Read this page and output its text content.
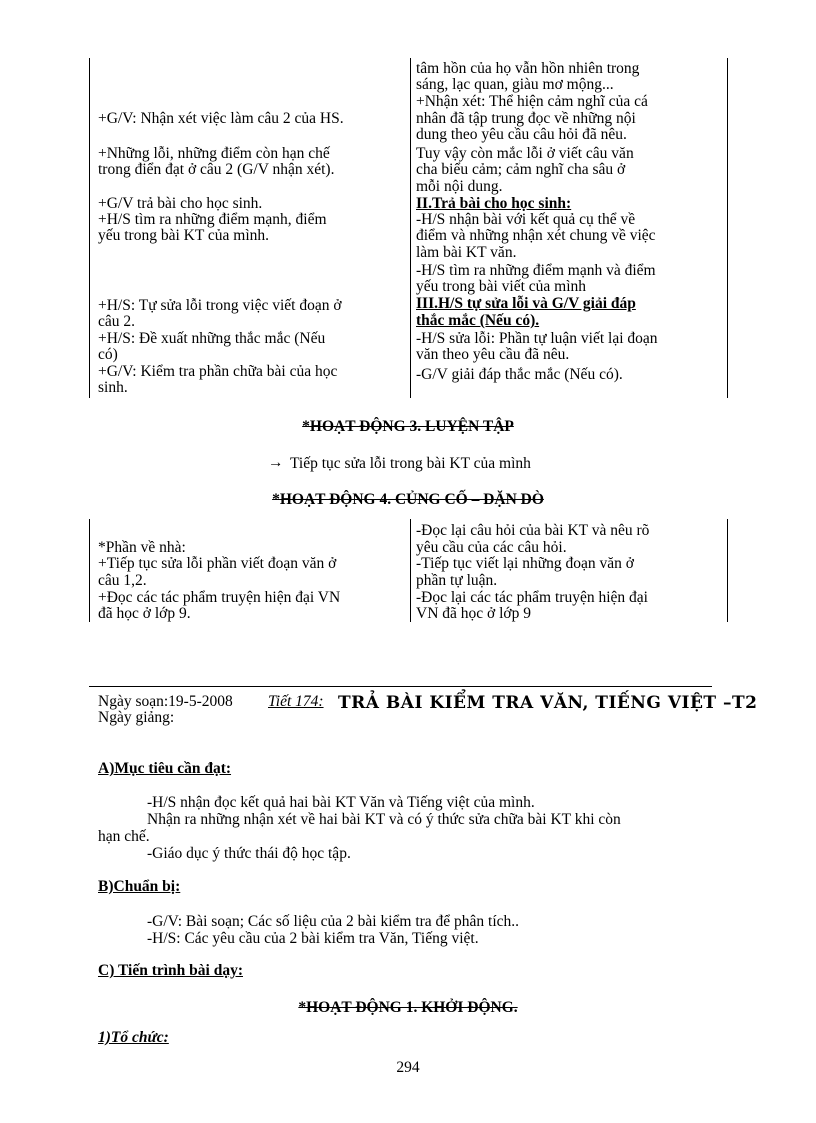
+G/V: Nhận xét việc làm câu 2 của HS.
+Những lỗi, những điểm còn hạn chế
trong điển đạt ở câu 2 (G/V nhận xét).
+G/V trả bài cho học sinh.
+H/S tìm ra những điểm mạnh, điểm
yếu trong bài KT của mình.
+H/S: Tự sửa lỗi trong việc viết đoạn ở
câu 2.
+H/S: Đề xuất những thắc mắc (Nếu
có)
+G/V: Kiểm tra phần chữa bài của học
sinh.
tâm hồn của họ vẫn hồn nhiên trong
sáng, lạc quan, giàu mơ mộng...
+Nhận xét: Thể hiện cảm nghĩ của cá
nhân đã tập trung đọc về những nội
dung theo yêu cầu câu hỏi đã nêu.
Tuy vậy còn mắc lỗi ở viết câu văn
cha biểu cảm; cảm nghĩ cha sâu ở
mỗi nội dung.
II.Trả bài cho học sinh:
-H/S nhận bài với kết quả cụ thể về
điểm và những nhận xét chung về việc
làm bài KT văn.
-H/S tìm ra những điểm mạnh và điểm
yếu trong bài viết của mình
III.H/S tự sửa lỗi và G/V giải đáp
thắc mắc (Nếu có).
-H/S sửa lỗi: Phần tự luận viết lại đoạn
văn theo yêu cầu đã nêu.
-G/V giải đáp thắc mắc (Nếu có).
*HOẠT ĐỘNG 3. LUYỆN TẬP
→ Tiếp tục sửa lỗi trong bài KT của mình
*HOẠT ĐỘNG 4. CỦNG CỐ – DẶN DÒ
*Phần về nhà:
+Tiếp tục sửa lỗi phần viết đoạn văn ở
câu 1,2.
+Đọc các tác phẩm truyện hiện đại VN
đã học ở lớp 9.
-Đọc lại câu hỏi của bài KT và nêu rõ
yêu cầu của các câu hỏi.
-Tiếp tục viết lại những đoạn văn ở
phần tự luận.
-Đọc lại các tác phẩm truyện hiện đại
VN đã học ở lớp 9
Ngày soạn:19-5-2008 Tiết 174: TRẢ BÀI KIỂM TRA VĂN, TIẾNG VIỆT –T2
Ngày giảng:
A)Mục tiêu cần đạt:
-H/S nhận đọc kết quả hai bài KT Văn và Tiếng việt của mình.
Nhận ra những nhận xét về hai bài KT và có ý thức sửa chữa bài KT khi còn
hạn chế.
-Giáo dục ý thức thái độ học tập.
B)Chuẩn bị:
-G/V: Bài soạn; Các số liệu của 2 bài kiểm tra để phân tích..
-H/S: Các yêu cầu của 2 bài kiểm tra Văn, Tiếng việt.
C) Tiến trình bài dạy:
*HOẠT ĐỘNG 1. KHỞI ĐỘNG.
1)Tổ chức:
294
